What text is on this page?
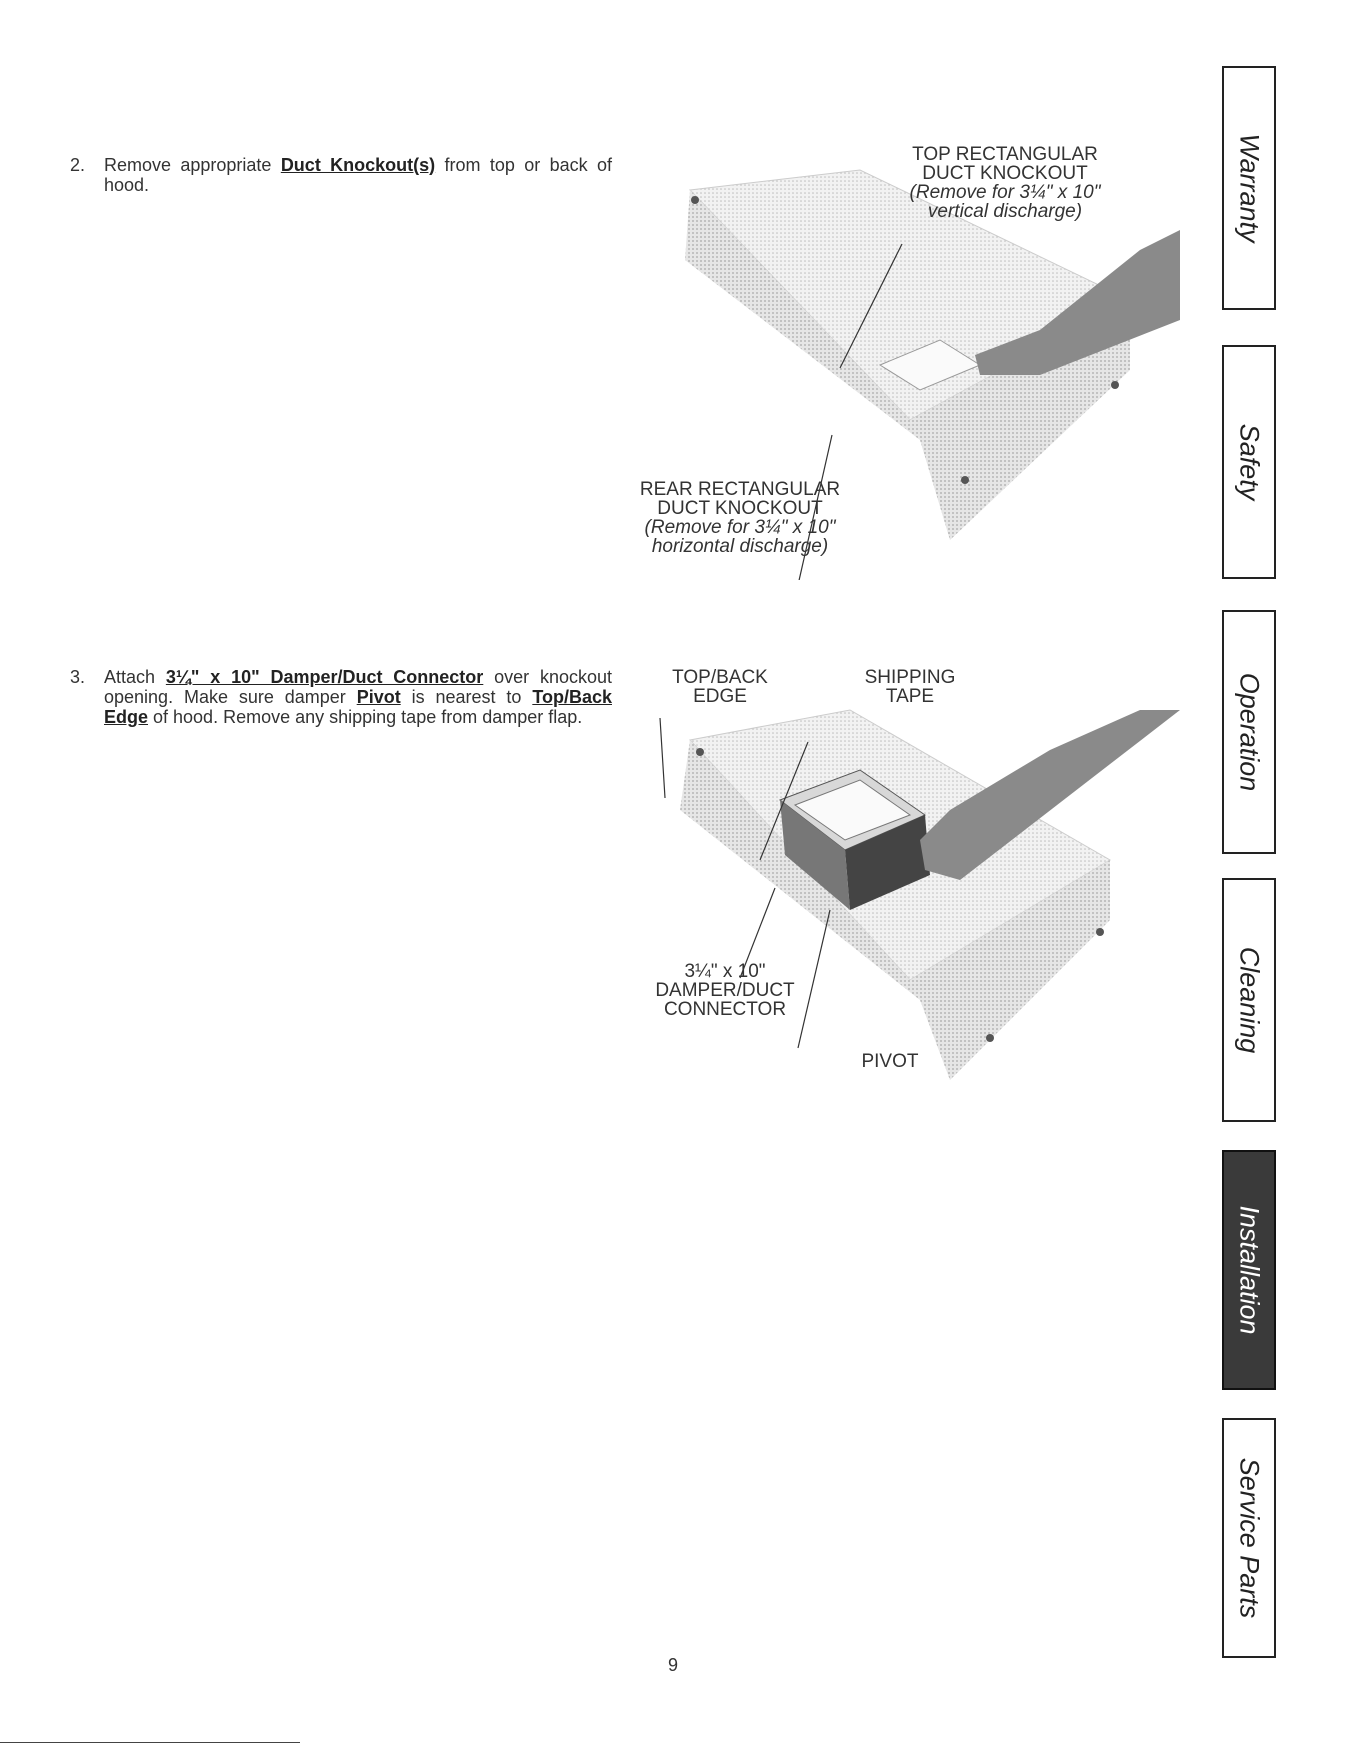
2. Remove appropriate Duct Knockout(s) from top or back of hood.
3. Attach 3¼" x 10" Damper/Duct Connector over knockout opening. Make sure damper Pivot is nearest to Top/Back Edge of hood. Remove any shipping tape from damper flap.
TOP RECTANGULAR
DUCT KNOCKOUT
(Remove for 3¼" x 10"
vertical discharge)
REAR RECTANGULAR
DUCT KNOCKOUT
(Remove for 3¼" x 10"
horizontal discharge)
TOP/BACK
EDGE
SHIPPING
TAPE
3¼" x 10"
DAMPER/DUCT
CONNECTOR
PIVOT
Warranty
Safety
Operation
Cleaning
Installation
Service Parts
9
